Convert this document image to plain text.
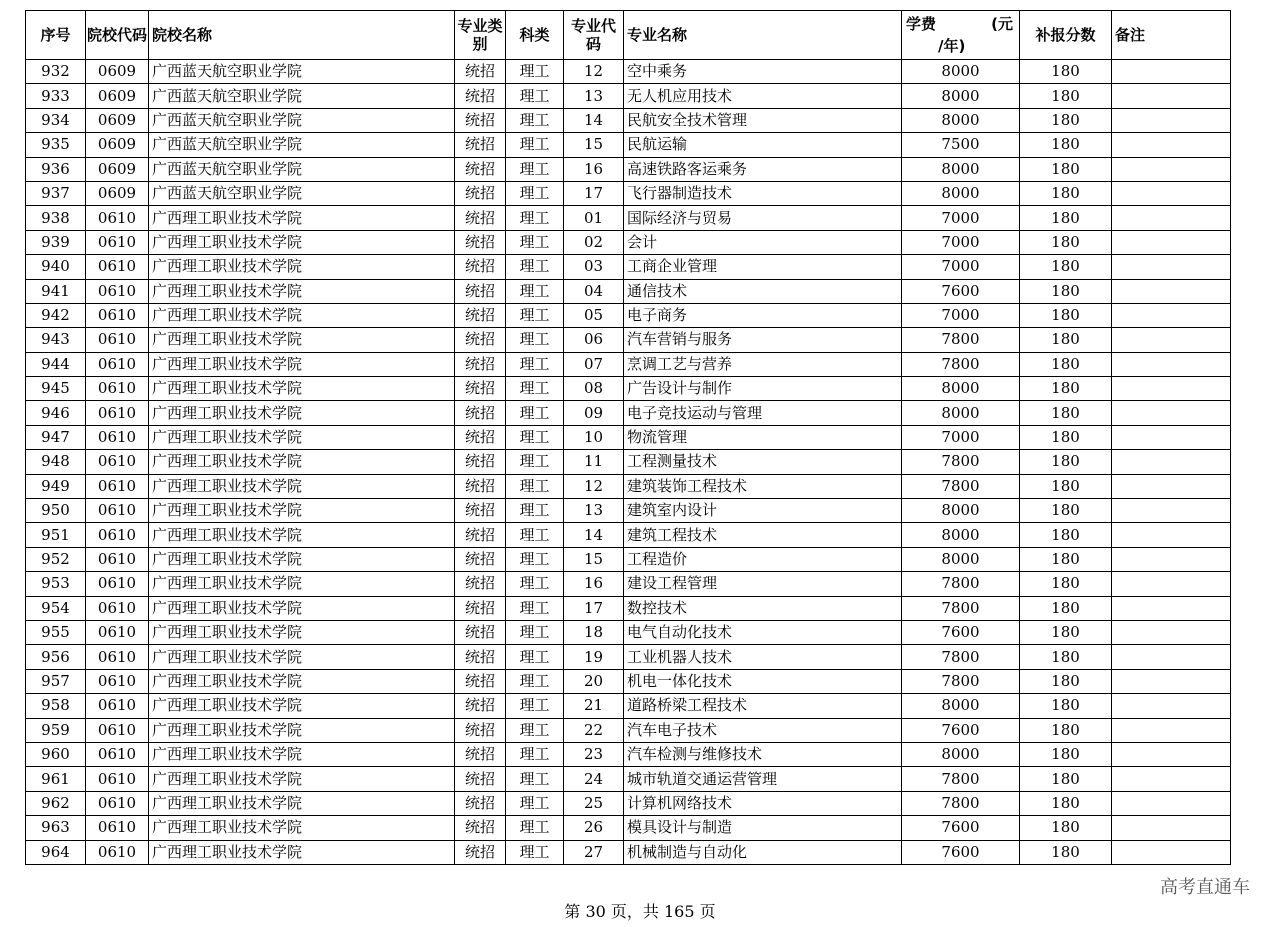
序号	院校代码	院校名称	专业类别	科类	专业代码	专业名称	学费 (元
/年)	补报分数	备注
932	0609	广西蓝天航空职业学院	统招	理工	12	空中乘务	8000	180	
933	0609	广西蓝天航空职业学院	统招	理工	13	无人机应用技术	8000	180	
934	0609	广西蓝天航空职业学院	统招	理工	14	民航安全技术管理	8000	180	
935	0609	广西蓝天航空职业学院	统招	理工	15	民航运输	7500	180	
936	0609	广西蓝天航空职业学院	统招	理工	16	高速铁路客运乘务	8000	180	
937	0609	广西蓝天航空职业学院	统招	理工	17	飞行器制造技术	8000	180	
938	0610	广西理工职业技术学院	统招	理工	01	国际经济与贸易	7000	180	
939	0610	广西理工职业技术学院	统招	理工	02	会计	7000	180	
940	0610	广西理工职业技术学院	统招	理工	03	工商企业管理	7000	180	
941	0610	广西理工职业技术学院	统招	理工	04	通信技术	7600	180	
942	0610	广西理工职业技术学院	统招	理工	05	电子商务	7000	180	
943	0610	广西理工职业技术学院	统招	理工	06	汽车营销与服务	7800	180	
944	0610	广西理工职业技术学院	统招	理工	07	烹调工艺与营养	7800	180	
945	0610	广西理工职业技术学院	统招	理工	08	广告设计与制作	8000	180	
946	0610	广西理工职业技术学院	统招	理工	09	电子竞技运动与管理	8000	180	
947	0610	广西理工职业技术学院	统招	理工	10	物流管理	7000	180	
948	0610	广西理工职业技术学院	统招	理工	11	工程测量技术	7800	180	
949	0610	广西理工职业技术学院	统招	理工	12	建筑装饰工程技术	7800	180	
950	0610	广西理工职业技术学院	统招	理工	13	建筑室内设计	8000	180	
951	0610	广西理工职业技术学院	统招	理工	14	建筑工程技术	8000	180	
952	0610	广西理工职业技术学院	统招	理工	15	工程造价	8000	180	
953	0610	广西理工职业技术学院	统招	理工	16	建设工程管理	7800	180	
954	0610	广西理工职业技术学院	统招	理工	17	数控技术	7800	180	
955	0610	广西理工职业技术学院	统招	理工	18	电气自动化技术	7600	180	
956	0610	广西理工职业技术学院	统招	理工	19	工业机器人技术	7800	180	
957	0610	广西理工职业技术学院	统招	理工	20	机电一体化技术	7800	180	
958	0610	广西理工职业技术学院	统招	理工	21	道路桥梁工程技术	8000	180	
959	0610	广西理工职业技术学院	统招	理工	22	汽车电子技术	7600	180	
960	0610	广西理工职业技术学院	统招	理工	23	汽车检测与维修技术	8000	180	
961	0610	广西理工职业技术学院	统招	理工	24	城市轨道交通运营管理	7800	180	
962	0610	广西理工职业技术学院	统招	理工	25	计算机网络技术	7800	180	
963	0610	广西理工职业技术学院	统招	理工	26	模具设计与制造	7600	180	
964	0610	广西理工职业技术学院	统招	理工	27	机械制造与自动化	7600	180	
高考直通车
第 30 页，共 165 页
